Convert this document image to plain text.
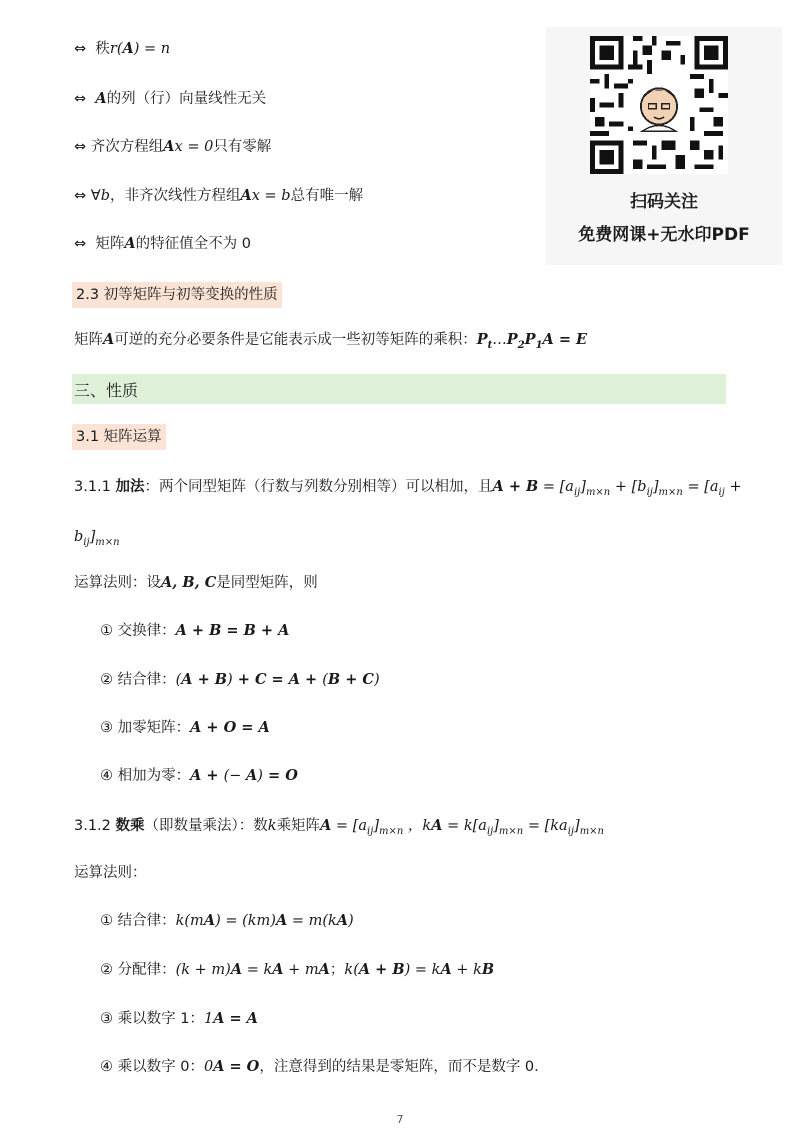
⇔  秩r(A) = n
⇔  A的列（行）向量线性无关
⇔ 齐次方程组Ax = 0只有零解
⇔ ∀b，非齐次线性方程组Ax = b总有唯一解
⇔  矩阵A的特征值全不为 0
扫码关注
免费网课+无水印PDF
2.3 初等矩阵与初等变换的性质
矩阵A可逆的充分必要条件是它能表示成一些初等矩阵的乘积：$P_t\dots P_2P_1A = E$
三、性质
3.1 矩阵运算
3.1.1 加法：两个同型矩阵（行数与列数分别相等）可以相加，且$A + B = [a_{ij}]_{m\times n} + [b_{ij}]_{m\times n} = [a_{ij}$ +
$b_{ij}]_{m\times n}$
运算法则：设A, B, C是同型矩阵，则
① 交换律：A + B = B + A
② 结合律：(A + B) + C = A + (B + C)
③ 加零矩阵：A + O = A
④ 相加为零：A + (− A) = O
3.1.2 数乘（即数量乘法）：数k乘矩阵$A = [a_{ij}]_{m\times n}$ ，kA = $k[a_{ij}]_{m\times n} = [ka_{ij}]_{m\times n}$
运算法则：
① 结合律：k(mA) = (km)A = m(kA)
② 分配律：(k + m)A = kA + mA；k(A + B) = kA + kB
③ 乘以数字 1：1A = A
④ 乘以数字 0：0A = O，注意得到的结果是零矩阵，而不是数字 0.
7
